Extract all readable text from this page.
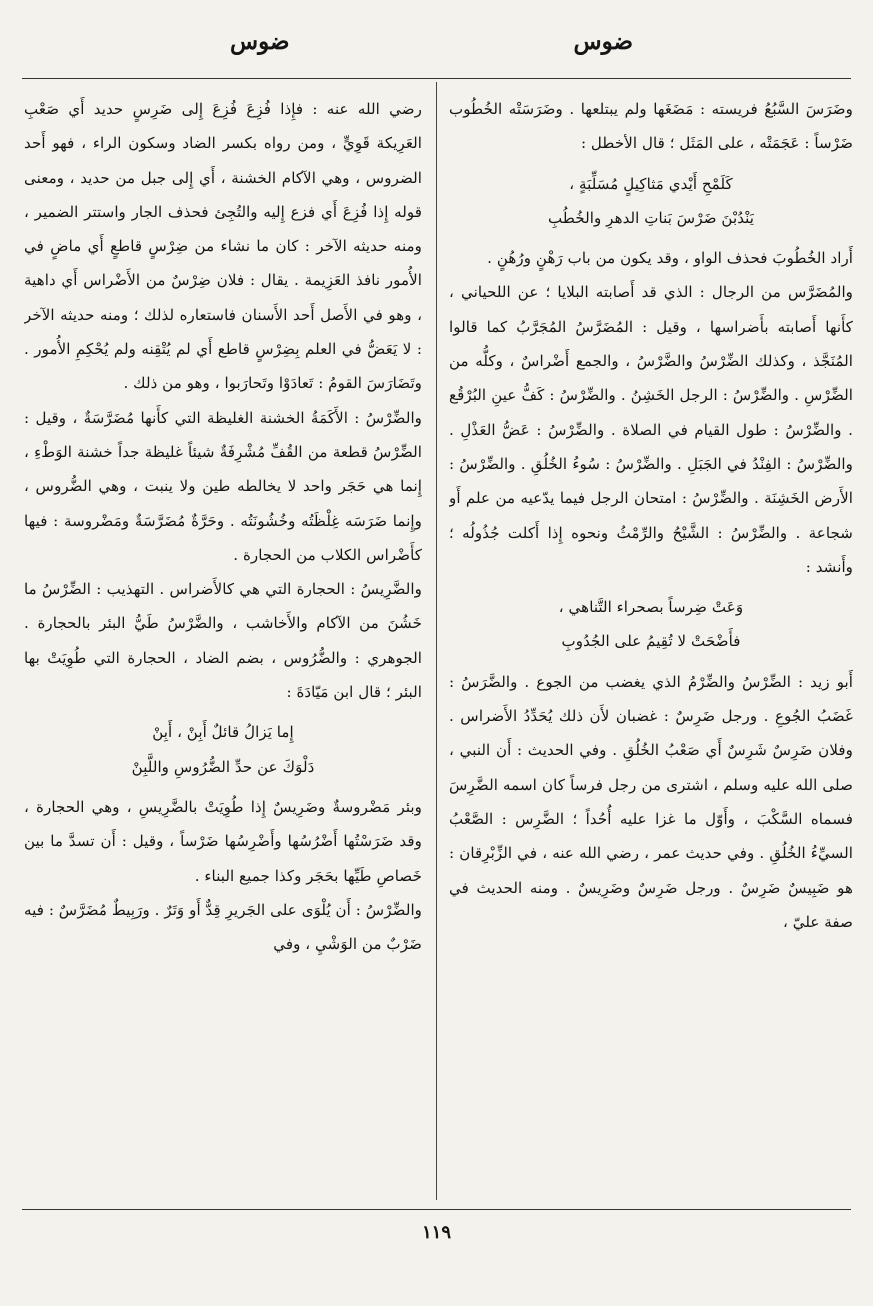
ضوس
ضوس

وضَرَسَ السَّبُعُ فريسته : مَضَغَها ولم يبتلعها . وضَرَسَتْه الخُطُوب ضَرْساً : عَجَمَتْه ، على المَثَل ؛ قال الأخطل :

كَلَمْحِ أَيْدي مَثاكِيلٍ مُسَلِّبَةٍ ،
يَنْدُبْنَ ضَرْسَ بَناتِ الدهرِ والخُطُبِ

أَراد الخُطُوبَ فحذف الواو ، وقد يكون من باب رَهْنٍ ورُهُنٍ .

والمُضَرَّس من الرجال : الذي قد أَصابته البلايا ؛ عن اللحياني ، كأَنها أَصابته بأَضراسها ، وقيل : المُضَرَّسُ المُجَرَّبُ كما قالوا المُنَجَّذ ، وكذلك الضِّرْسُ والضَّرْسُ ، والجمع أَضْراسٌ ، وكلُّه من الضِّرْسِ . والضِّرْسُ : الرجل الخَشِنُ . والضِّرْسُ : كَفُّ عينِ البُرْقُع . والضِّرْسُ : طول القيام في الصلاة . والضِّرْسُ : عَضُّ العَذْلِ . والضِّرْسُ : الفِنْدُ في الجَبَلِ . والضِّرْسُ : سُوءُ الخُلُقِ . والضِّرْسُ : الأَرض الخَشِنَة . والضِّرْسُ : امتحان الرجل فيما يدّعيه من علم أَو شجاعة . والضِّرْسُ : الشَّيْحُ والرِّمْثُ ونحوه إِذا أَكلت جُذُولُه ؛ وأَنشد :

وَعَتْ ضِرساً بصحراء التَّناهي ،
فأَضْحَتْ لا تُقِيمُ على الجُدُوبِ

أَبو زيد : الضِّرْسُ والضِّرْمُ الذي يغضب من الجوع . والضَّرَسُ : غَضَبُ الجُوعِ . ورجل ضَرِسٌ : غضبان لأَن ذلك يُحَدِّدُ الأَضراس . وفلان ضَرِسٌ شَرِسٌ أَي صَعْبُ الخُلُقِ . وفي الحديث : أَن النبي ، صلى الله عليه وسلم ، اشترى من رجل فرساً كان اسمه الضَّرِسَ فسماه السَّكْبَ ، وأَوّل ما غزا عليه أُحُداً ؛ الضَّرِس : الصَّعْبُ السيِّءُ الخُلُقِ . وفي حديث عمر ، رضي الله عنه ، في الزِّبْرِقان : هو ضَبِيسٌ ضَرِسٌ . ورجل ضَرِسٌ وضَرِيسٌ . ومنه الحديث في صفة عليّ ،

رضي الله عنه : فإِذا فُزِعَ فُزِعَ إِلى ضَرِسٍ حديد أَي صَعْبِ العَرِيكة قَوِيٍّ ، ومن رواه بكسر الضاد وسكون الراء ، فهو أَحد الضروس ، وهي الآكام الخشنة ، أَي إِلى جبل من حديد ، ومعنى قوله إِذا فُزِعَ أَي فزع إِليه والتُجِئ فحذف الجار واستتر الضمير ، ومنه حديثه الآخر : كان ما نشاء من ضِرْسٍ قاطعٍ أَي ماضٍ في الأُمور نافذ العَزِيمة . يقال : فلان ضِرْسٌ من الأَضْراس أَي داهية ، وهو في الأَصل أَحد الأَسنان فاستعاره لذلك ؛ ومنه حديثه الآخر : لا يَعَضُّ في العلم بِضِرْسٍ قاطع أَي لم يُتْقِنه ولم يُحْكِمِ الأُمور . وتَضَارَسَ القومُ : تَعادَوْا وتَحارَبوا ، وهو من ذلك .

والضِّرْسُ : الأَكَمَةُ الخشنة الغليظة التي كأَنها مُضَرَّسَةٌ ، وقيل : الضِّرْسُ قطعة من القُفِّ مُشْرِفَةٌ شيئاً غليظة جداً خشنة الوَطْءِ ، إِنما هي حَجَر واحد لا يخالطه طين ولا ينبت ، وهي الضُّروس ، وإِنما ضَرَسَه غِلْظَتُه وخُشُونَتُه . وحَرَّةٌ مُضَرَّسَةٌ ومَضْروسة : فيها كأَضْراس الكلاب من الحجارة .

والضَّرِيسُ : الحجارة التي هي كالأَضراس . التهذيب : الضِّرْسُ ما خَشُنَ من الآكام والأَخاشب ، والضَّرْسُ طَيُّ البئر بالحجارة . الجوهري : والضُّرُوس ، بضم الضاد ، الحجارة التي طُوِيَتْ بها البئر ؛ قال ابن مَيّادَةَ :

إِما يَزالُ قائلٌ أَبِنْ ، أَبِنْ
دَلْوَكَ عن حدِّ الضُّرُوسِ واللَّبِنْ

وبئر مَضْروسةٌ وضَرِيسٌ إِذا طُوِيَتْ بالضَّرِيسِ ، وهي الحجارة ، وقد ضَرَسْتُها أَضْرُسُها وأَضْرِسُها ضَرْساً ، وقيل : أَن تسدَّ ما بين خَصاصِ طَيِّها بحَجَر وكذا جميع البناء .

والضِّرْسُ : أَن يُلْوَى على الجَريرِ قِدٌّ أَو وَتَرٌ . ورَبِيطٌ مُضَرَّسٌ : فيه ضَرْبٌ من الوَشْيِ ، وفي

١١٩
